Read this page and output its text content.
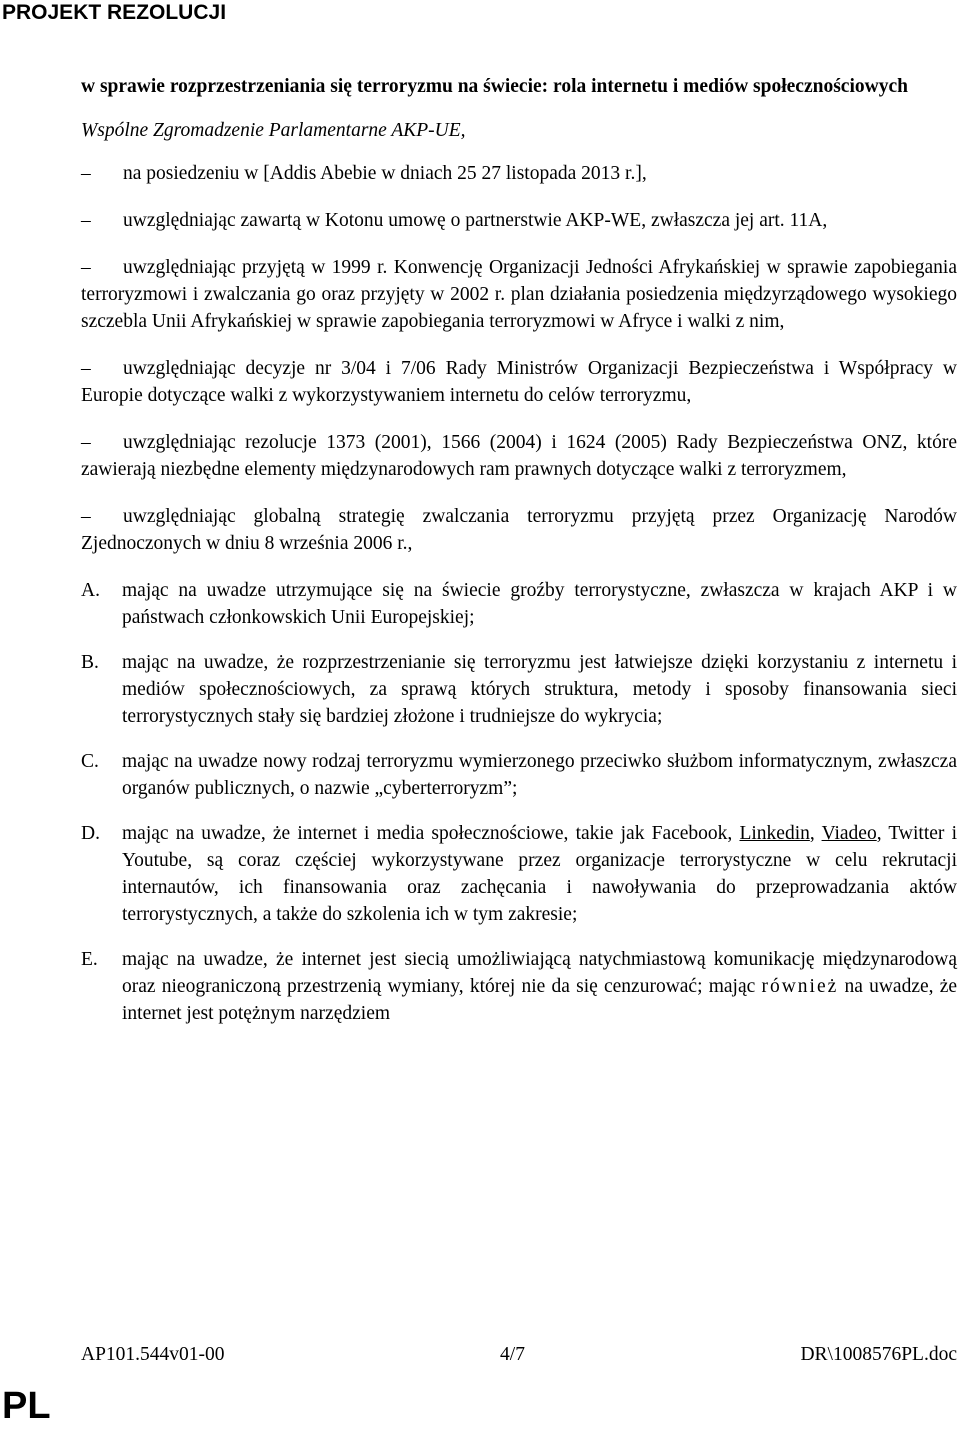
PROJEKT REZOLUCJI

w sprawie rozprzestrzeniania się terroryzmu na świecie: rola internetu i mediów społecznościowych

Wspólne Zgromadzenie Parlamentarne AKP-UE,

– na posiedzeniu w [Addis Abebie w dniach 25 27 listopada 2013 r.],

– uwzględniając zawartą w Kotonu umowę o partnerstwie AKP-WE, zwłaszcza jej art. 11A,

– uwzględniając przyjętą w 1999 r. Konwencję Organizacji Jedności Afrykańskiej w sprawie zapobiegania terroryzmowi i zwalczania go oraz przyjęty w 2002 r. plan działania posiedzenia międzyrządowego wysokiego szczebla Unii Afrykańskiej w sprawie zapobiegania terroryzmowi w Afryce i walki z nim,

– uwzględniając decyzje nr 3/04 i 7/06 Rady Ministrów Organizacji Bezpieczeństwa i Współpracy w Europie dotyczące walki z wykorzystywaniem internetu do celów terroryzmu,

– uwzględniając rezolucje 1373 (2001), 1566 (2004) i 1624 (2005) Rady Bezpieczeństwa ONZ, które zawierają niezbędne elementy międzynarodowych ram prawnych dotyczące walki z terroryzmem,

– uwzględniając globalną strategię zwalczania terroryzmu przyjętą przez Organizację Narodów Zjednoczonych w dniu 8 września 2006 r.,

A. mając na uwadze utrzymujące się na świecie groźby terrorystyczne, zwłaszcza w krajach AKP i w państwach członkowskich Unii Europejskiej;
B. mając na uwadze, że rozprzestrzenianie się terroryzmu jest łatwiejsze dzięki korzystaniu z internetu i mediów społecznościowych, za sprawą których struktura, metody i sposoby finansowania sieci terrorystycznych stały się bardziej złożone i trudniejsze do wykrycia;
C. mając na uwadze nowy rodzaj terroryzmu wymierzonego przeciwko służbom informatycznym, zwłaszcza organów publicznych, o nazwie „cyberterroryzm”;
D. mając na uwadze, że internet i media społecznościowe, takie jak Facebook, Linkedin, Viadeo, Twitter i Youtube, są coraz częściej wykorzystywane przez organizacje terrorystyczne w celu rekrutacji internautów, ich finansowania oraz zachęcania i nawoływania do przeprowadzania aktów terrorystycznych, a także do szkolenia ich w tym zakresie;
E. mając na uwadze, że internet jest siecią umożliwiającą natychmiastową komunikację międzynarodową oraz nieograniczoną przestrzenią wymiany, której nie da się cenzurować; mając również na uwadze, że internet jest potężnym narzędziem
AP101.544v01-00	4/7	DR\1008576PL.doc
PL
